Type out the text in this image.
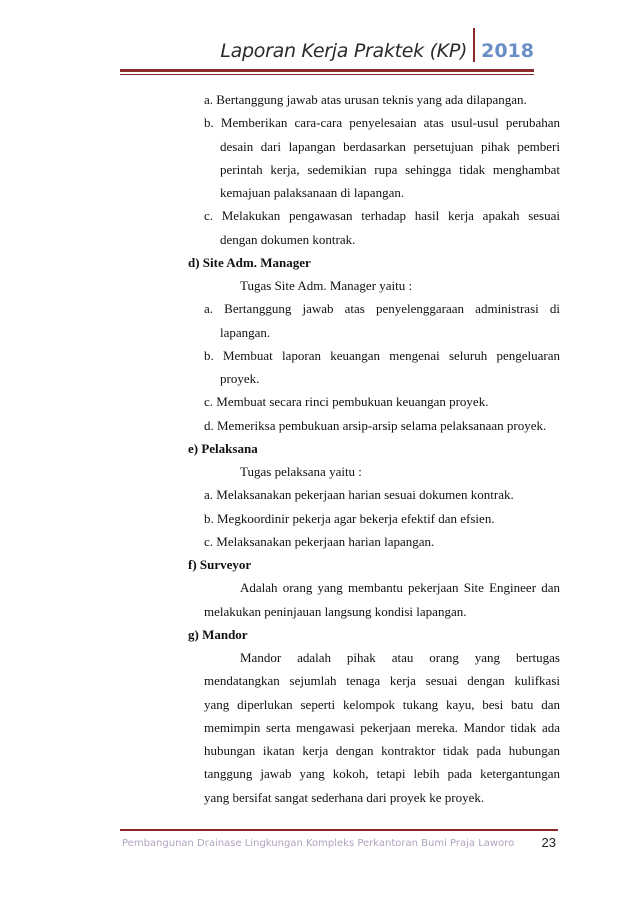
Laporan Kerja Praktek (KP) 2018
a. Bertanggung jawab atas urusan teknis yang ada dilapangan.
b. Memberikan cara-cara penyelesaian atas usul-usul perubahan
desain dari lapangan berdasarkan persetujuan pihak pemberi
perintah kerja, sedemikian rupa sehingga tidak menghambat
kemajuan palaksanaan di lapangan.
c. Melakukan pengawasan terhadap hasil kerja apakah sesuai
dengan dokumen kontrak.
d) Site Adm. Manager
Tugas Site Adm. Manager yaitu :
a. Bertanggung jawab atas penyelenggaraan administrasi di
lapangan.
b. Membuat laporan keuangan mengenai seluruh pengeluaran
proyek.
c. Membuat secara rinci pembukuan keuangan proyek.
d. Memeriksa pembukuan arsip-arsip selama pelaksanaan proyek.
e) Pelaksana
Tugas pelaksana yaitu :
a. Melaksanakan pekerjaan harian sesuai dokumen kontrak.
b. Megkoordinir pekerja agar bekerja efektif dan efsien.
c. Melaksanakan pekerjaan harian lapangan.
f) Surveyor
Adalah orang yang membantu pekerjaan Site Engineer dan
melakukan peninjauan langsung kondisi lapangan.
g) Mandor
Mandor adalah pihak atau orang yang bertugas
mendatangkan sejumlah tenaga kerja sesuai dengan kulifkasi
yang diperlukan seperti kelompok tukang kayu, besi batu dan
memimpin serta mengawasi pekerjaan mereka. Mandor tidak ada
hubungan ikatan kerja dengan kontraktor tidak pada hubungan
tanggung jawab yang kokoh, tetapi lebih pada ketergantungan
yang bersifat sangat sederhana dari proyek ke proyek.
Pembangunan Drainase Lingkungan Kompleks Perkantoran Bumi Praja Laworo 23
